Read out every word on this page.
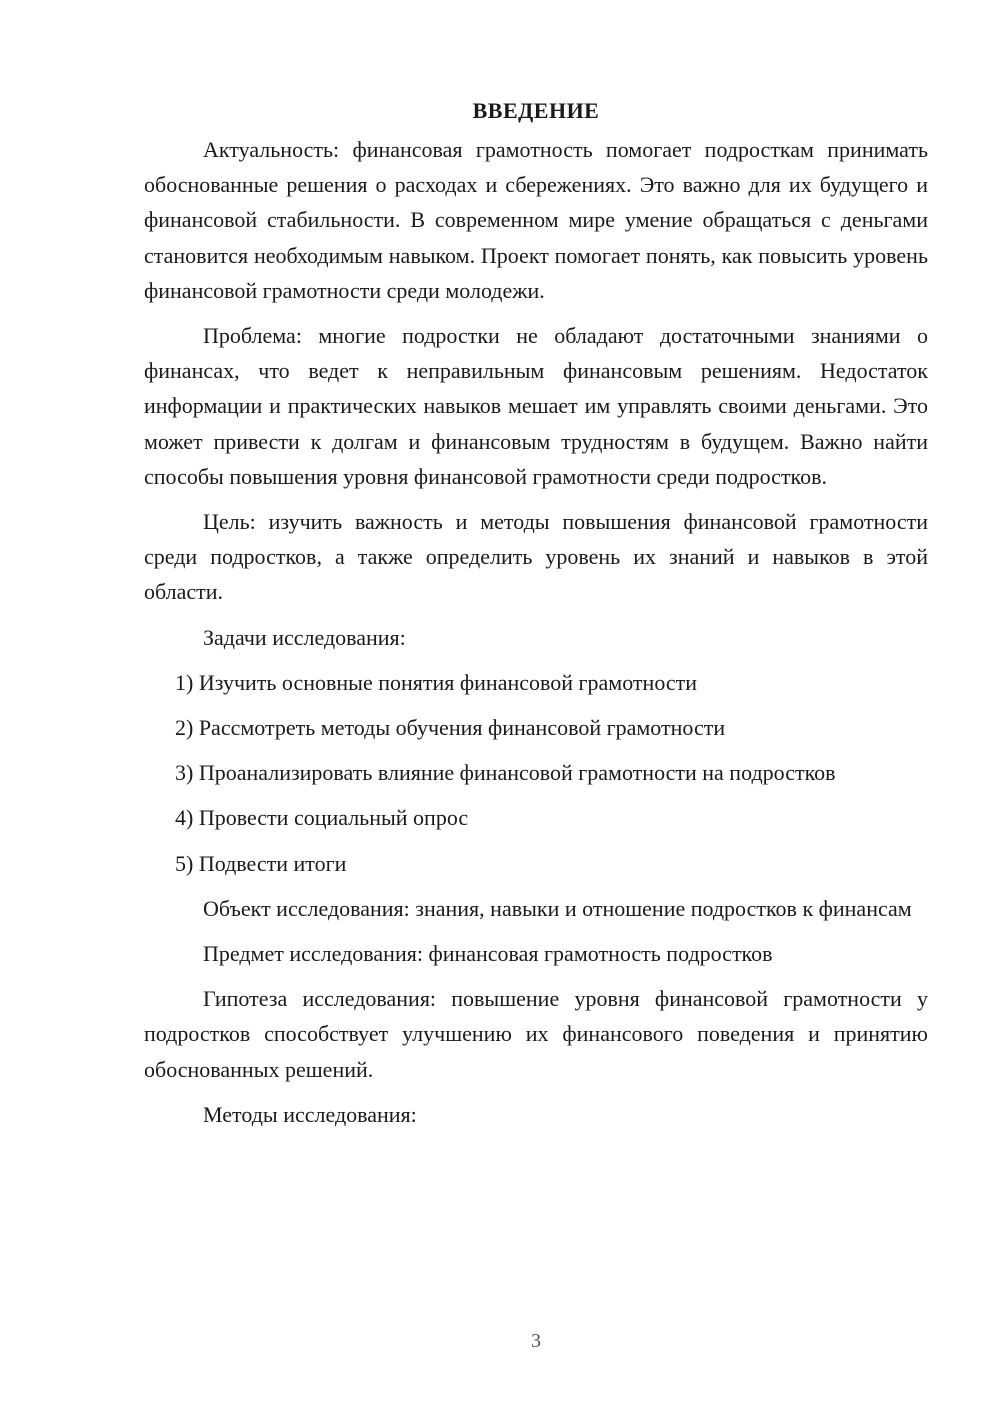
ВВЕДЕНИЕ

Актуальность: финансовая грамотность помогает подросткам принимать обоснованные решения о расходах и сбережениях. Это важно для их будущего и финансовой стабильности. В современном мире умение обращаться с деньгами становится необходимым навыком. Проект помогает понять, как повысить уровень финансовой грамотности среди молодежи.

Проблема: многие подростки не обладают достаточными знаниями о финансах, что ведет к неправильным финансовым решениям. Недостаток информации и практических навыков мешает им управлять своими деньгами. Это может привести к долгам и финансовым трудностям в будущем. Важно найти способы повышения уровня финансовой грамотности среди подростков.

Цель: изучить важность и методы повышения финансовой грамотности среди подростков, а также определить уровень их знаний и навыков в этой области.

Задачи исследования:

1) Изучить основные понятия финансовой грамотности

2) Рассмотреть методы обучения финансовой грамотности

3) Проанализировать влияние финансовой грамотности на подростков

4) Провести социальный опрос

5) Подвести итоги

Объект исследования: знания, навыки и отношение подростков к финансам

Предмет исследования: финансовая грамотность подростков

Гипотеза исследования: повышение уровня финансовой грамотности у подростков способствует улучшению их финансового поведения и принятию обоснованных решений.

Методы исследования:

3
